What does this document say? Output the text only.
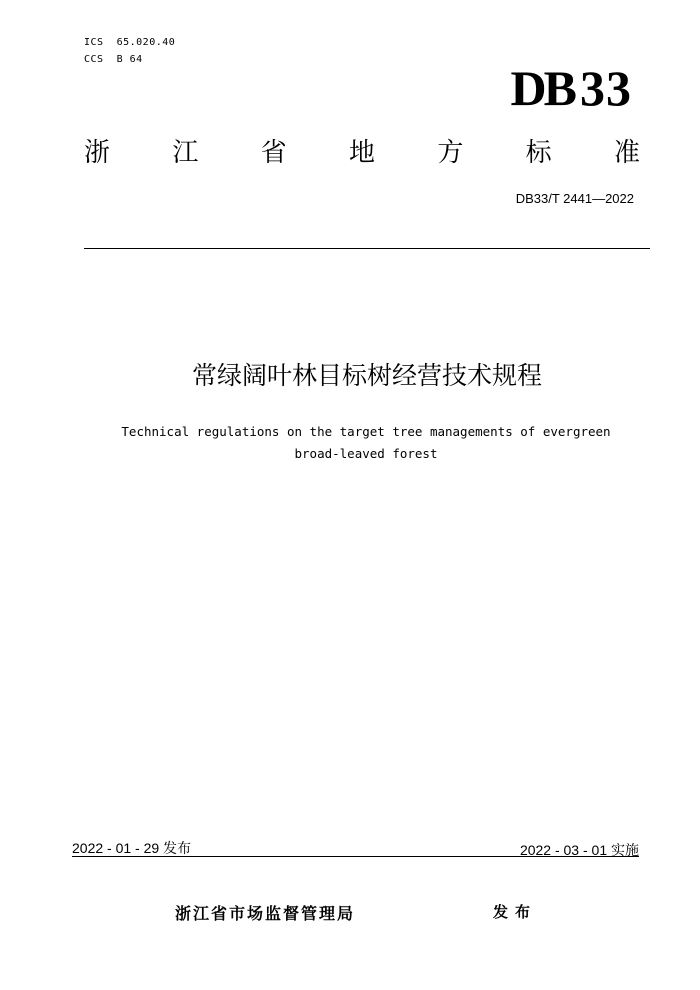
ICS  65.020.40
CCS  B 64
DB 33
浙 江 省 地 方 标 准
DB33/T 2441—2022
常绿阔叶林目标树经营技术规程
Technical regulations on the target tree managements of evergreen
broad-leaved forest
2022 - 01 - 29 发布	2022 - 03 - 01 实施
浙江省市场监督管理局	发布
